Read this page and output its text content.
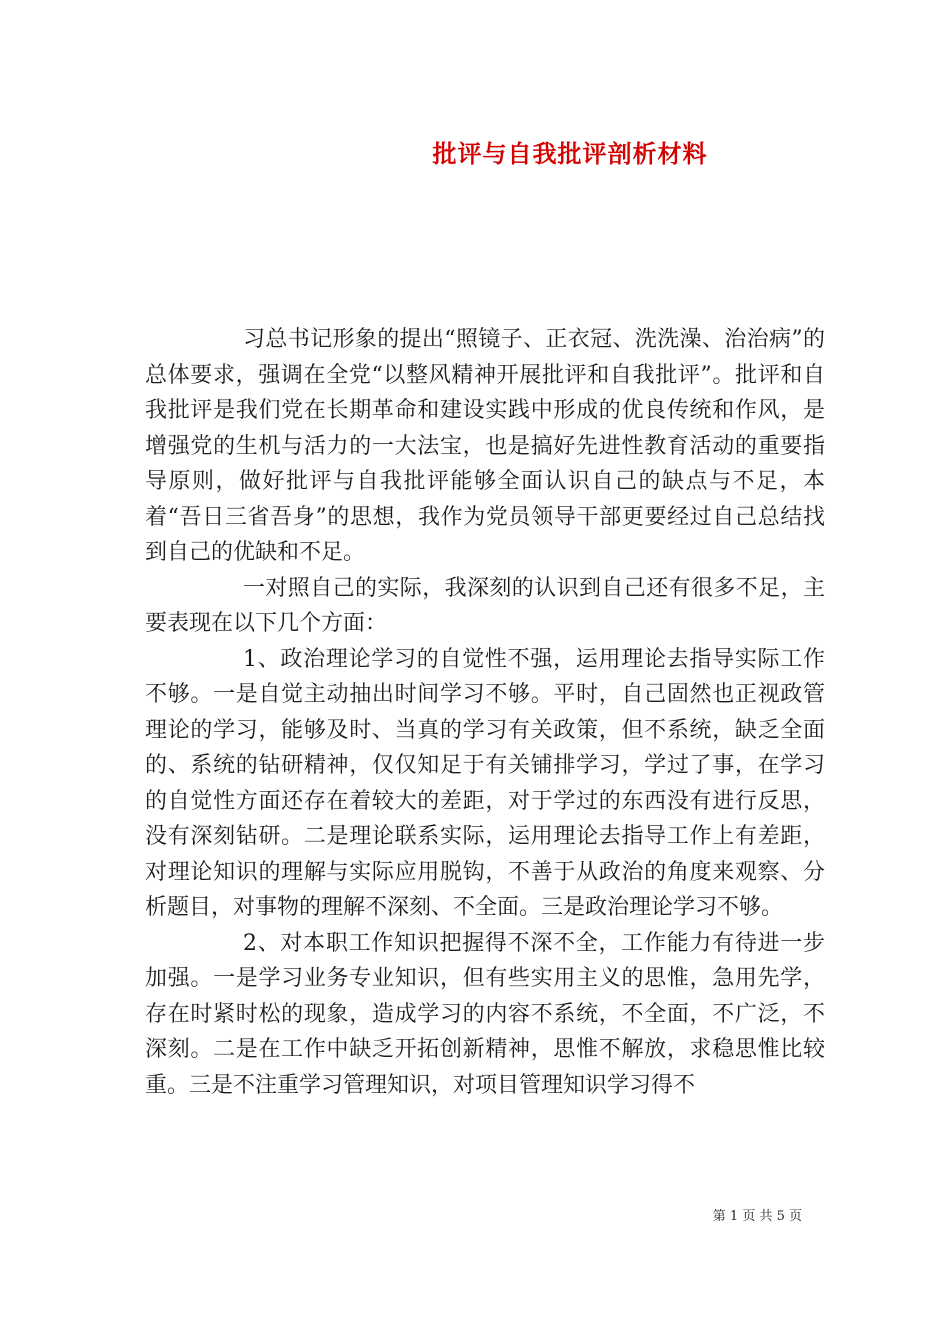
批评与自我批评剖析材料

习总书记形象的提出“照镜子、正衣冠、洗洗澡、治治病”的总体要求，强调在全党“以整风精神开展批评和自我批评”。批评和自我批评是我们党在长期革命和建设实践中形成的优良传统和作风，是增强党的生机与活力的一大法宝，也是搞好先进性教育活动的重要指导原则，做好批评与自我批评能够全面认识自己的缺点与不足，本着“吾日三省吾身”的思想，我作为党员领导干部更要经过自己总结找到自己的优缺和不足。

一对照自己的实际，我深刻的认识到自己还有很多不足，主要表现在以下几个方面：

1、政治理论学习的自觉性不强，运用理论去指导实际工作不够。一是自觉主动抽出时间学习不够。平时，自己固然也正视政管理论的学习，能够及时、当真的学习有关政策，但不系统，缺乏全面的、系统的钻研精神，仅仅知足于有关铺排学习，学过了事，在学习的自觉性方面还存在着较大的差距，对于学过的东西没有进行反思，没有深刻钻研。二是理论联系实际，运用理论去指导工作上有差距，对理论知识的理解与实际应用脱钩，不善于从政治的角度来观察、分析题目，对事物的理解不深刻、不全面。三是政治理论学习不够。

2、对本职工作知识把握得不深不全，工作能力有待进一步加强。一是学习业务专业知识，但有些实用主义的思惟，急用先学，存在时紧时松的现象，造成学习的内容不系统，不全面，不广泛，不深刻。二是在工作中缺乏开拓创新精神，思惟不解放，求稳思惟比较重。三是不注重学习管理知识，对项目管理知识学习得不

第 1 页 共 5 页
